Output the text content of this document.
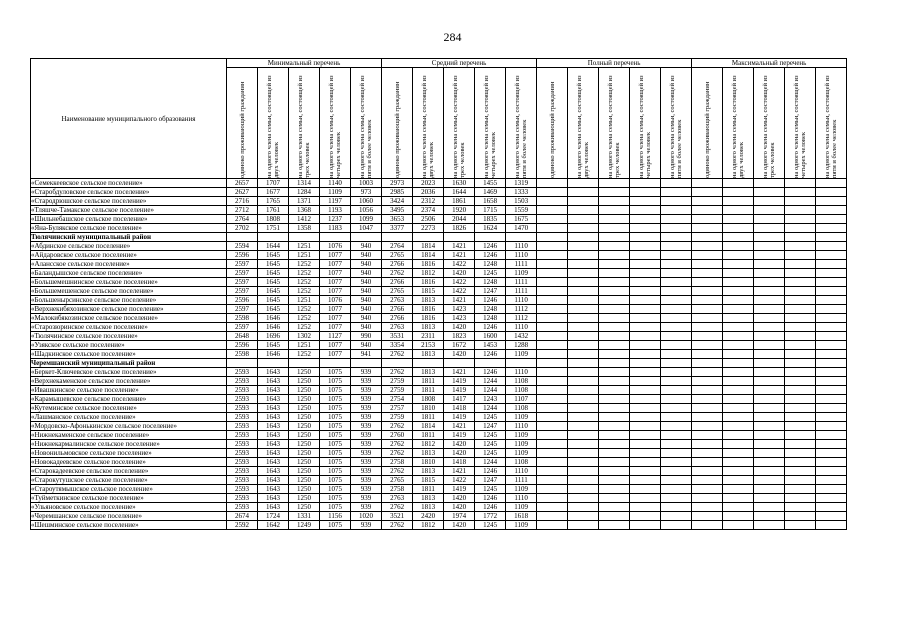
284
Наименование муниципального образования	Минимальный перечень					Средний перечень					Полный перечень					Максимальный перечень				

	одиноко проживающий гражданин	на одного члена семьи, состоящей из двух человек	на одного члена семьи, состоящей из трех человек	на одного члена семьи, состоящей из четырех человек	на одного члена семьи, состоящей из пяти и более человек	одиноко проживающий гражданин	на одного члена семьи, состоящей из двух человек	на одного члена семьи, состоящей из трех человек	на одного члена семьи, состоящей из четырех человек	на одного члена семьи, состоящей из пяти и более человек	одиноко проживающий гражданин	на одного члена семьи, состоящей из двух человек	на одного члена семьи, состоящей из трех человек	на одного члена семьи, состоящей из четырех человек	на одного члена семьи, состоящей из пяти и более человек	одиноко проживающий гражданин	на одного члена семьи, состоящей из двух человек	на одного члена семьи, состоящей из трех человек	на одного члена семьи, состоящей из четырех человек	на одного члена семьи, состоящей из пяти и более человек

«Семеккеевское сельское поселение»	2657	1707	1314	1140	1003	2973	2023	1630	1455	1319										
«Старобдуловское сельское поселение»	2627	1677	1284	1109	973	2985	2036	1644	1469	1333										
«Стародрюшское сельское поселение»	2716	1765	1371	1197	1060	3424	2312	1861	1658	1503										
«Тляшче-Тамакское сельское поселение»	2712	1761	1368	1193	1056	3495	2374	1920	1715	1559										
«Шильнебашское сельское поселение»	2764	1808	1412	1237	1099	3653	2506	2044	1835	1675										
«Яна-Булякское сельское поселение»	2702	1751	1358	1183	1047	3377	2273	1826	1624	1470										
Тюлячинский муниципальный район																				
«Абдинское сельское поселение»	2594	1644	1251	1076	940	2764	1814	1421	1246	1110										
«Айдаровское сельское поселение»	2596	1645	1251	1077	940	2765	1814	1421	1246	1110										
«Алансское сельское поселение»	2597	1645	1252	1077	940	2766	1816	1422	1248	1111										
«Баландышское сельское поселение»	2597	1645	1252	1077	940	2762	1812	1420	1245	1109										
«Большемешнинское сельское поселение»	2597	1645	1252	1077	940	2766	1816	1422	1248	1111										
«Большемешенское сельское поселение»	2597	1645	1252	1077	940	2765	1815	1422	1247	1111										
«Большенырсинское сельское поселение»	2596	1645	1251	1076	940	2763	1813	1421	1246	1110										
«Верхнекибяхозинское сельское поселение»	2597	1645	1252	1077	940	2766	1816	1423	1248	1112										
«Малокибякозинское сельское поселение»	2598	1646	1252	1077	940	2766	1816	1423	1248	1112										
«Старозюринское сельское поселение»	2597	1646	1252	1077	940	2763	1813	1420	1246	1110										
«Тюлячинское сельское поселение»	2648	1696	1302	1127	990	3531	2311	1823	1600	1432										
«Узякское сельское поселение»	2596	1645	1251	1077	940	3354	2153	1672	1453	1288										
«Шадкинское сельское поселение»	2598	1646	1252	1077	941	2762	1813	1420	1246	1109										
Черемшанский муниципальный район																				
«Беркет-Ключевское сельское поселение»	2593	1643	1250	1075	939	2762	1813	1421	1246	1110										
«Верхнекаменское сельское поселение»	2593	1643	1250	1075	939	2759	1811	1419	1244	1108										
«Ивашкинское сельское поселение»	2593	1643	1250	1075	939	2759	1811	1419	1244	1108										
«Карамышевское сельское поселение»	2593	1643	1250	1075	939	2754	1808	1417	1243	1107										
«Кутеминское сельское поселение»	2593	1643	1250	1075	939	2757	1810	1418	1244	1108										
«Лашманское сельское поселение»	2593	1643	1250	1075	939	2759	1811	1419	1245	1109										
«Мордовско-Афонькинское сельское поселение»	2593	1643	1250	1075	939	2762	1814	1421	1247	1110										
«Нижнекаменское сельское поселение»	2593	1643	1250	1075	939	2760	1811	1419	1245	1109										
«Нижнекармалинское сельское поселение»	2593	1643	1250	1075	939	2762	1812	1420	1245	1109										
«Новонильмовское сельское поселение»	2593	1643	1250	1075	939	2762	1813	1420	1245	1109										
«Новокадеевское сельское поселение»	2593	1643	1250	1075	939	2758	1810	1418	1244	1108										
«Старокадеевское сельское поселение»	2593	1643	1250	1075	939	2762	1813	1421	1246	1110										
«Старокутушское сельское поселение»	2593	1643	1250	1075	939	2765	1815	1422	1247	1111										
«Староутямышское сельское поселение»	2593	1643	1250	1075	939	2758	1811	1419	1245	1109										
«Туйметкинское сельское поселение»	2593	1643	1250	1075	939	2763	1813	1420	1246	1110										
«Ульяновское сельское поселение»	2593	1643	1250	1075	939	2762	1813	1420	1246	1109										
«Черемшанское сельское поселение»	2674	1724	1331	1156	1020	3521	2420	1974	1772	1618										
«Шешминское сельское поселение»	2592	1642	1249	1075	939	2762	1812	1420	1245	1109										
